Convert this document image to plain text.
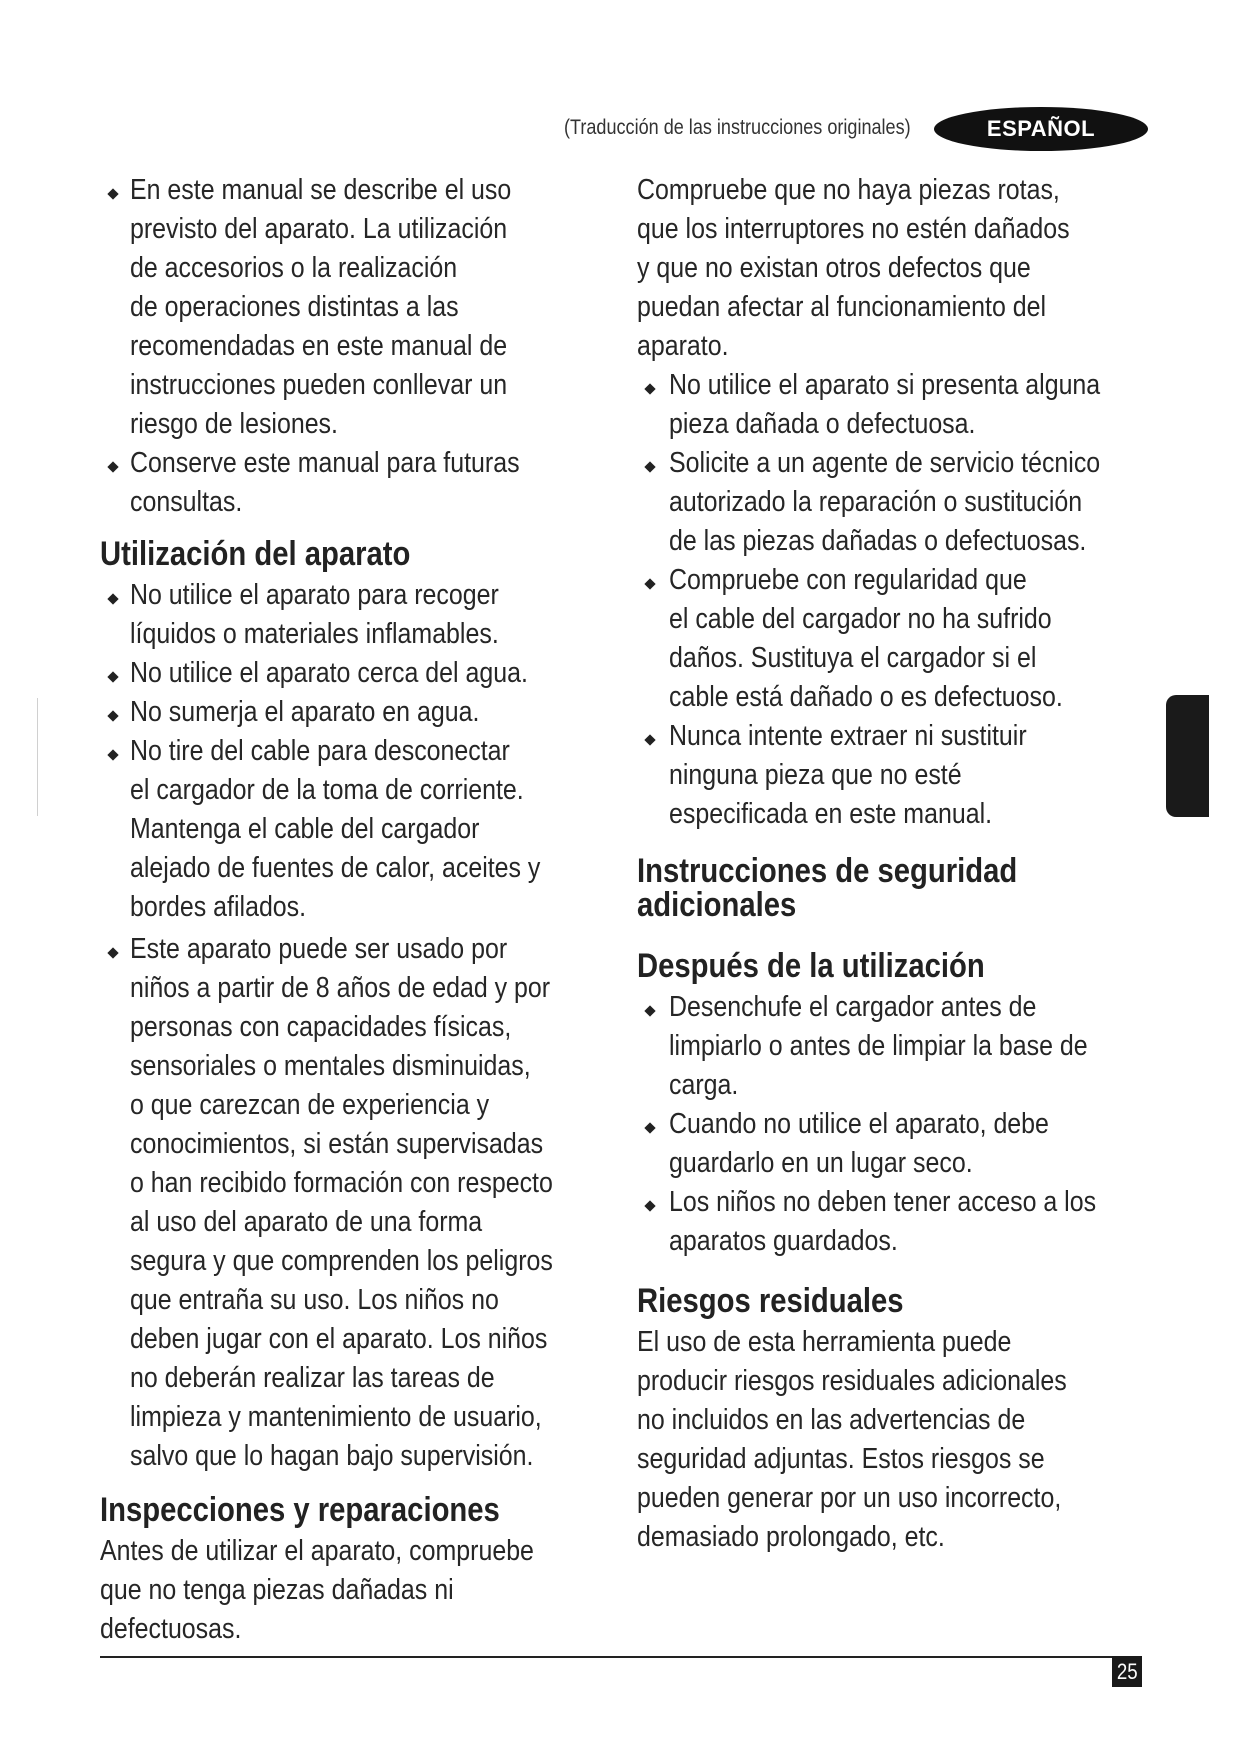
(Traducción de las instrucciones originales)	ESPAÑOL
En este manual se describe el uso
previsto del aparato. La utilización
de accesorios o la realización
de operaciones distintas a las
recomendadas en este manual de
instrucciones pueden conllevar un
riesgo de lesiones.
Conserve este manual para futuras
consultas.
Utilización del aparato
No utilice el aparato para recoger
líquidos o materiales inflamables.
No utilice el aparato cerca del agua.
No sumerja el aparato en agua.
No tire del cable para desconectar
el cargador de la toma de corriente.
Mantenga el cable del cargador
alejado de fuentes de calor, aceites y
bordes afilados.
Este aparato puede ser usado por
niños a partir de 8 años de edad y por
personas con capacidades físicas,
sensoriales o mentales disminuidas,
o que carezcan de experiencia y
conocimientos, si están supervisadas
o han recibido formación con respecto
al uso del aparato de una forma
segura y que comprenden los peligros
que entraña su uso. Los niños no
deben jugar con el aparato. Los niños
no deberán realizar las tareas de
limpieza y mantenimiento de usuario,
salvo que lo hagan bajo supervisión.
Inspecciones y reparaciones
Antes de utilizar el aparato, compruebe
que no tenga piezas dañadas ni
defectuosas.
Compruebe que no haya piezas rotas,
que los interruptores no estén dañados
y que no existan otros defectos que
puedan afectar al funcionamiento del
aparato.
No utilice el aparato si presenta alguna
pieza dañada o defectuosa.
Solicite a un agente de servicio técnico
autorizado la reparación o sustitución
de las piezas dañadas o defectuosas.
Compruebe con regularidad que
el cable del cargador no ha sufrido
daños. Sustituya el cargador si el
cable está dañado o es defectuoso.
Nunca intente extraer ni sustituir
ninguna pieza que no esté
especificada en este manual.
Instrucciones de seguridad
adicionales
Después de la utilización
Desenchufe el cargador antes de
limpiarlo o antes de limpiar la base de
carga.
Cuando no utilice el aparato, debe
guardarlo en un lugar seco.
Los niños no deben tener acceso a los
aparatos guardados.
Riesgos residuales
El uso de esta herramienta puede
producir riesgos residuales adicionales
no incluidos en las advertencias de
seguridad adjuntas. Estos riesgos se
pueden generar por un uso incorrecto,
demasiado prolongado, etc.
25
